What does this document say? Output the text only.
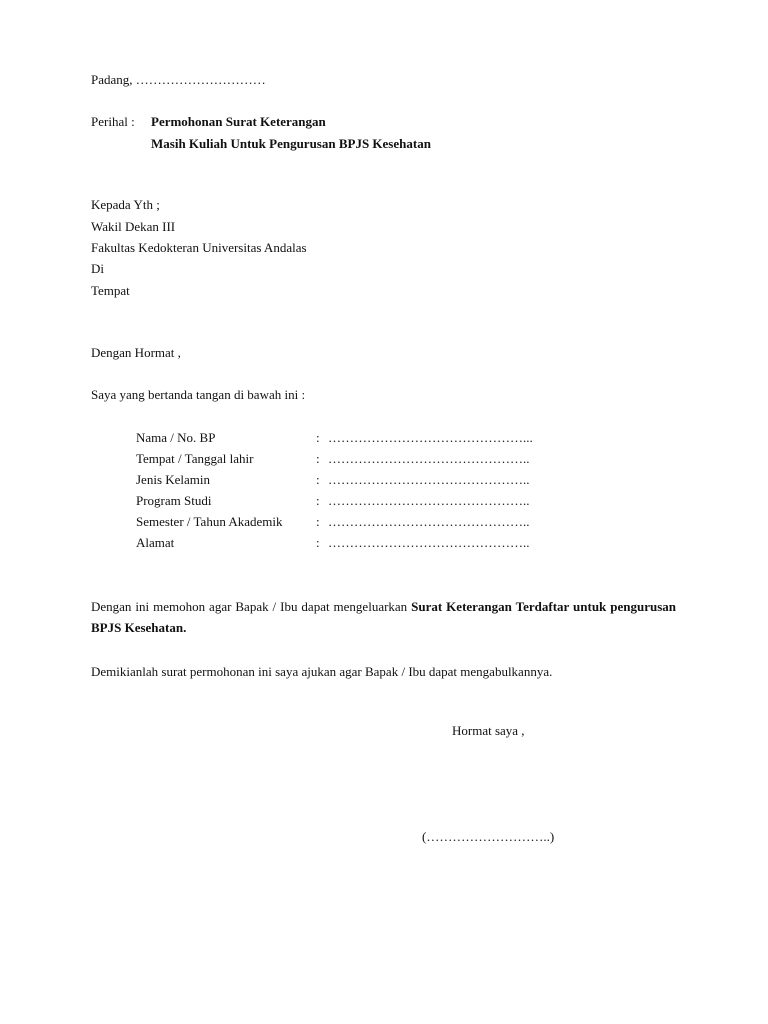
Padang, …………………………
Perihal : Permohonan Surat Keterangan
Masih Kuliah Untuk Pengurusan BPJS Kesehatan
Kepada Yth ;
Wakil Dekan III
Fakultas Kedokteran Universitas Andalas
Di
Tempat
Dengan Hormat ,
Saya yang bertanda tangan di bawah ini :
Nama / No. BP	: ………………………………………...
Tempat / Tanggal lahir	: ………………………………………..
Jenis Kelamin	: ………………………………………..
Program Studi	: ………………………………………..
Semester / Tahun Akademik	: ………………………………………..
Alamat	: ………………………………………..
Dengan ini memohon agar Bapak / Ibu dapat mengeluarkan Surat Keterangan Terdaftar untuk pengurusan BPJS Kesehatan.
Demikianlah surat permohonan ini saya ajukan agar Bapak / Ibu dapat mengabulkannya.
Hormat saya ,
(………………………..)
